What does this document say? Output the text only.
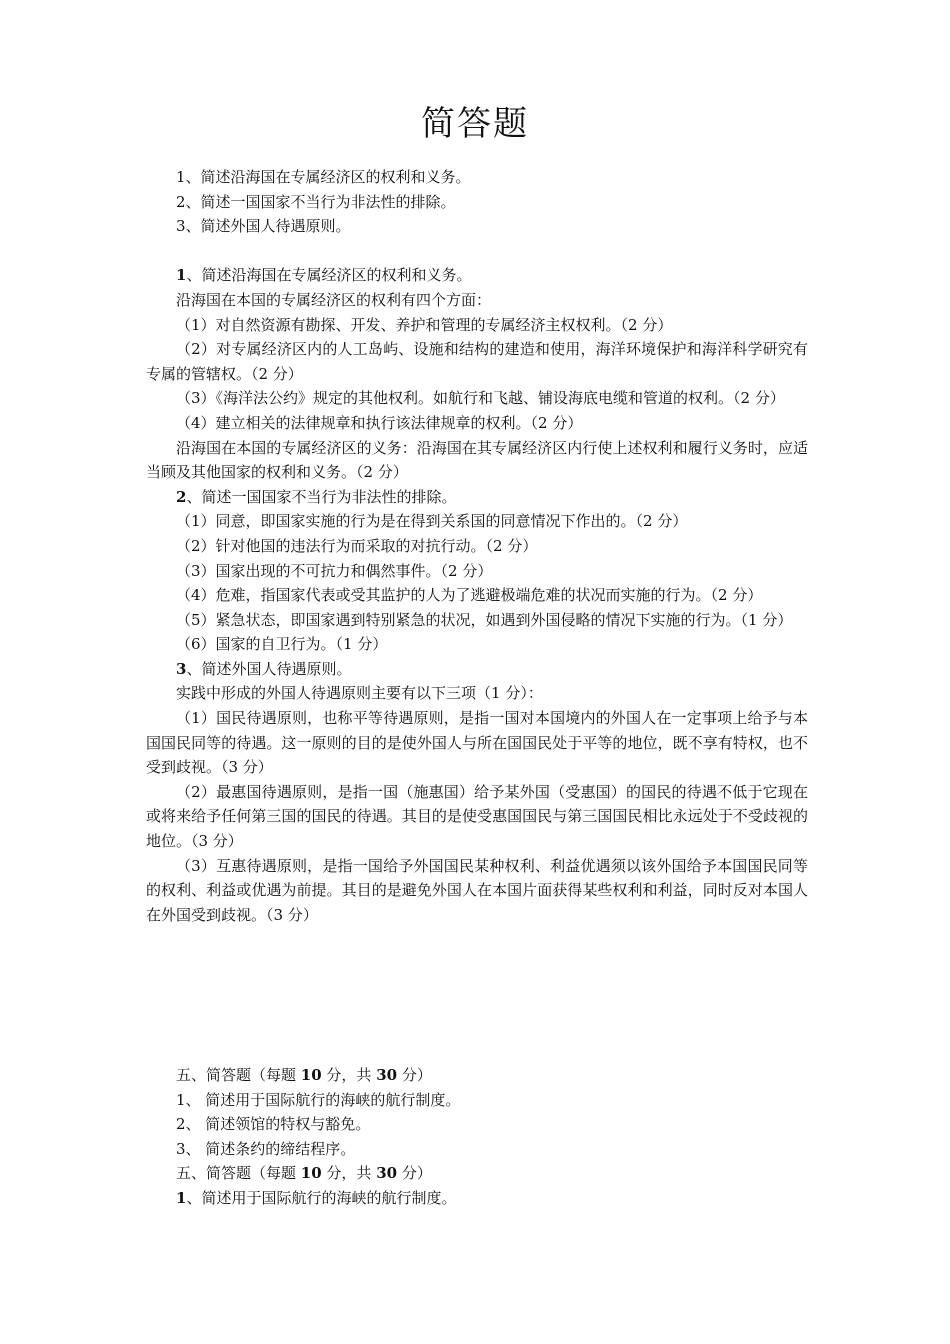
简答题

1、简述沿海国在专属经济区的权利和义务。

2、简述一国国家不当行为非法性的排除。

3、简述外国人待遇原则。

1、简述沿海国在专属经济区的权利和义务。

沿海国在本国的专属经济区的权利有四个方面：

（1）对自然资源有勘探、开发、养护和管理的专属经济主权权利。（2 分）

（2）对专属经济区内的人工岛屿、设施和结构的建造和使用，海洋环境保护和海洋科学研究有专属的管辖权。（2 分）

（3）《海洋法公约》规定的其他权利。如航行和飞越、铺设海底电缆和管道的权利。（2 分）

（4）建立相关的法律规章和执行该法律规章的权利。（2 分）

沿海国在本国的专属经济区的义务：沿海国在其专属经济区内行使上述权利和履行义务时，应适当顾及其他国家的权利和义务。（2 分）

2、简述一国国家不当行为非法性的排除。

（1）同意，即国家实施的行为是在得到关系国的同意情况下作出的。（2 分）

（2）针对他国的违法行为而采取的对抗行动。（2 分）

（3）国家出现的不可抗力和偶然事件。（2 分）

（4）危难，指国家代表或受其监护的人为了逃避极端危难的状况而实施的行为。（2 分）

（5）紧急状态，即国家遇到特别紧急的状况，如遇到外国侵略的情况下实施的行为。（1 分）

（6）国家的自卫行为。（1 分）

3、简述外国人待遇原则。

实践中形成的外国人待遇原则主要有以下三项（1 分）：

（1）国民待遇原则，也称平等待遇原则，是指一国对本国境内的外国人在一定事项上给予与本国国民同等的待遇。这一原则的目的是使外国人与所在国国民处于平等的地位，既不享有特权，也不受到歧视。（3 分）

（2）最惠国待遇原则，是指一国（施惠国）给予某外国（受惠国）的国民的待遇不低于它现在或将来给予任何第三国的国民的待遇。其目的是使受惠国国民与第三国国民相比永远处于不受歧视的地位。（3 分）

（3）互惠待遇原则，是指一国给予外国国民某种权利、利益优遇须以该外国给予本国国民同等的权利、利益或优遇为前提。其目的是避免外国人在本国片面获得某些权利和利益，同时反对本国人在外国受到歧视。（3 分）

五、简答题（每题 10 分，共 30 分）

1、 简述用于国际航行的海峡的航行制度。

2、 简述领馆的特权与豁免。

3、 简述条约的缔结程序。

五、简答题（每题 10 分，共 30 分）

1、简述用于国际航行的海峡的航行制度。
